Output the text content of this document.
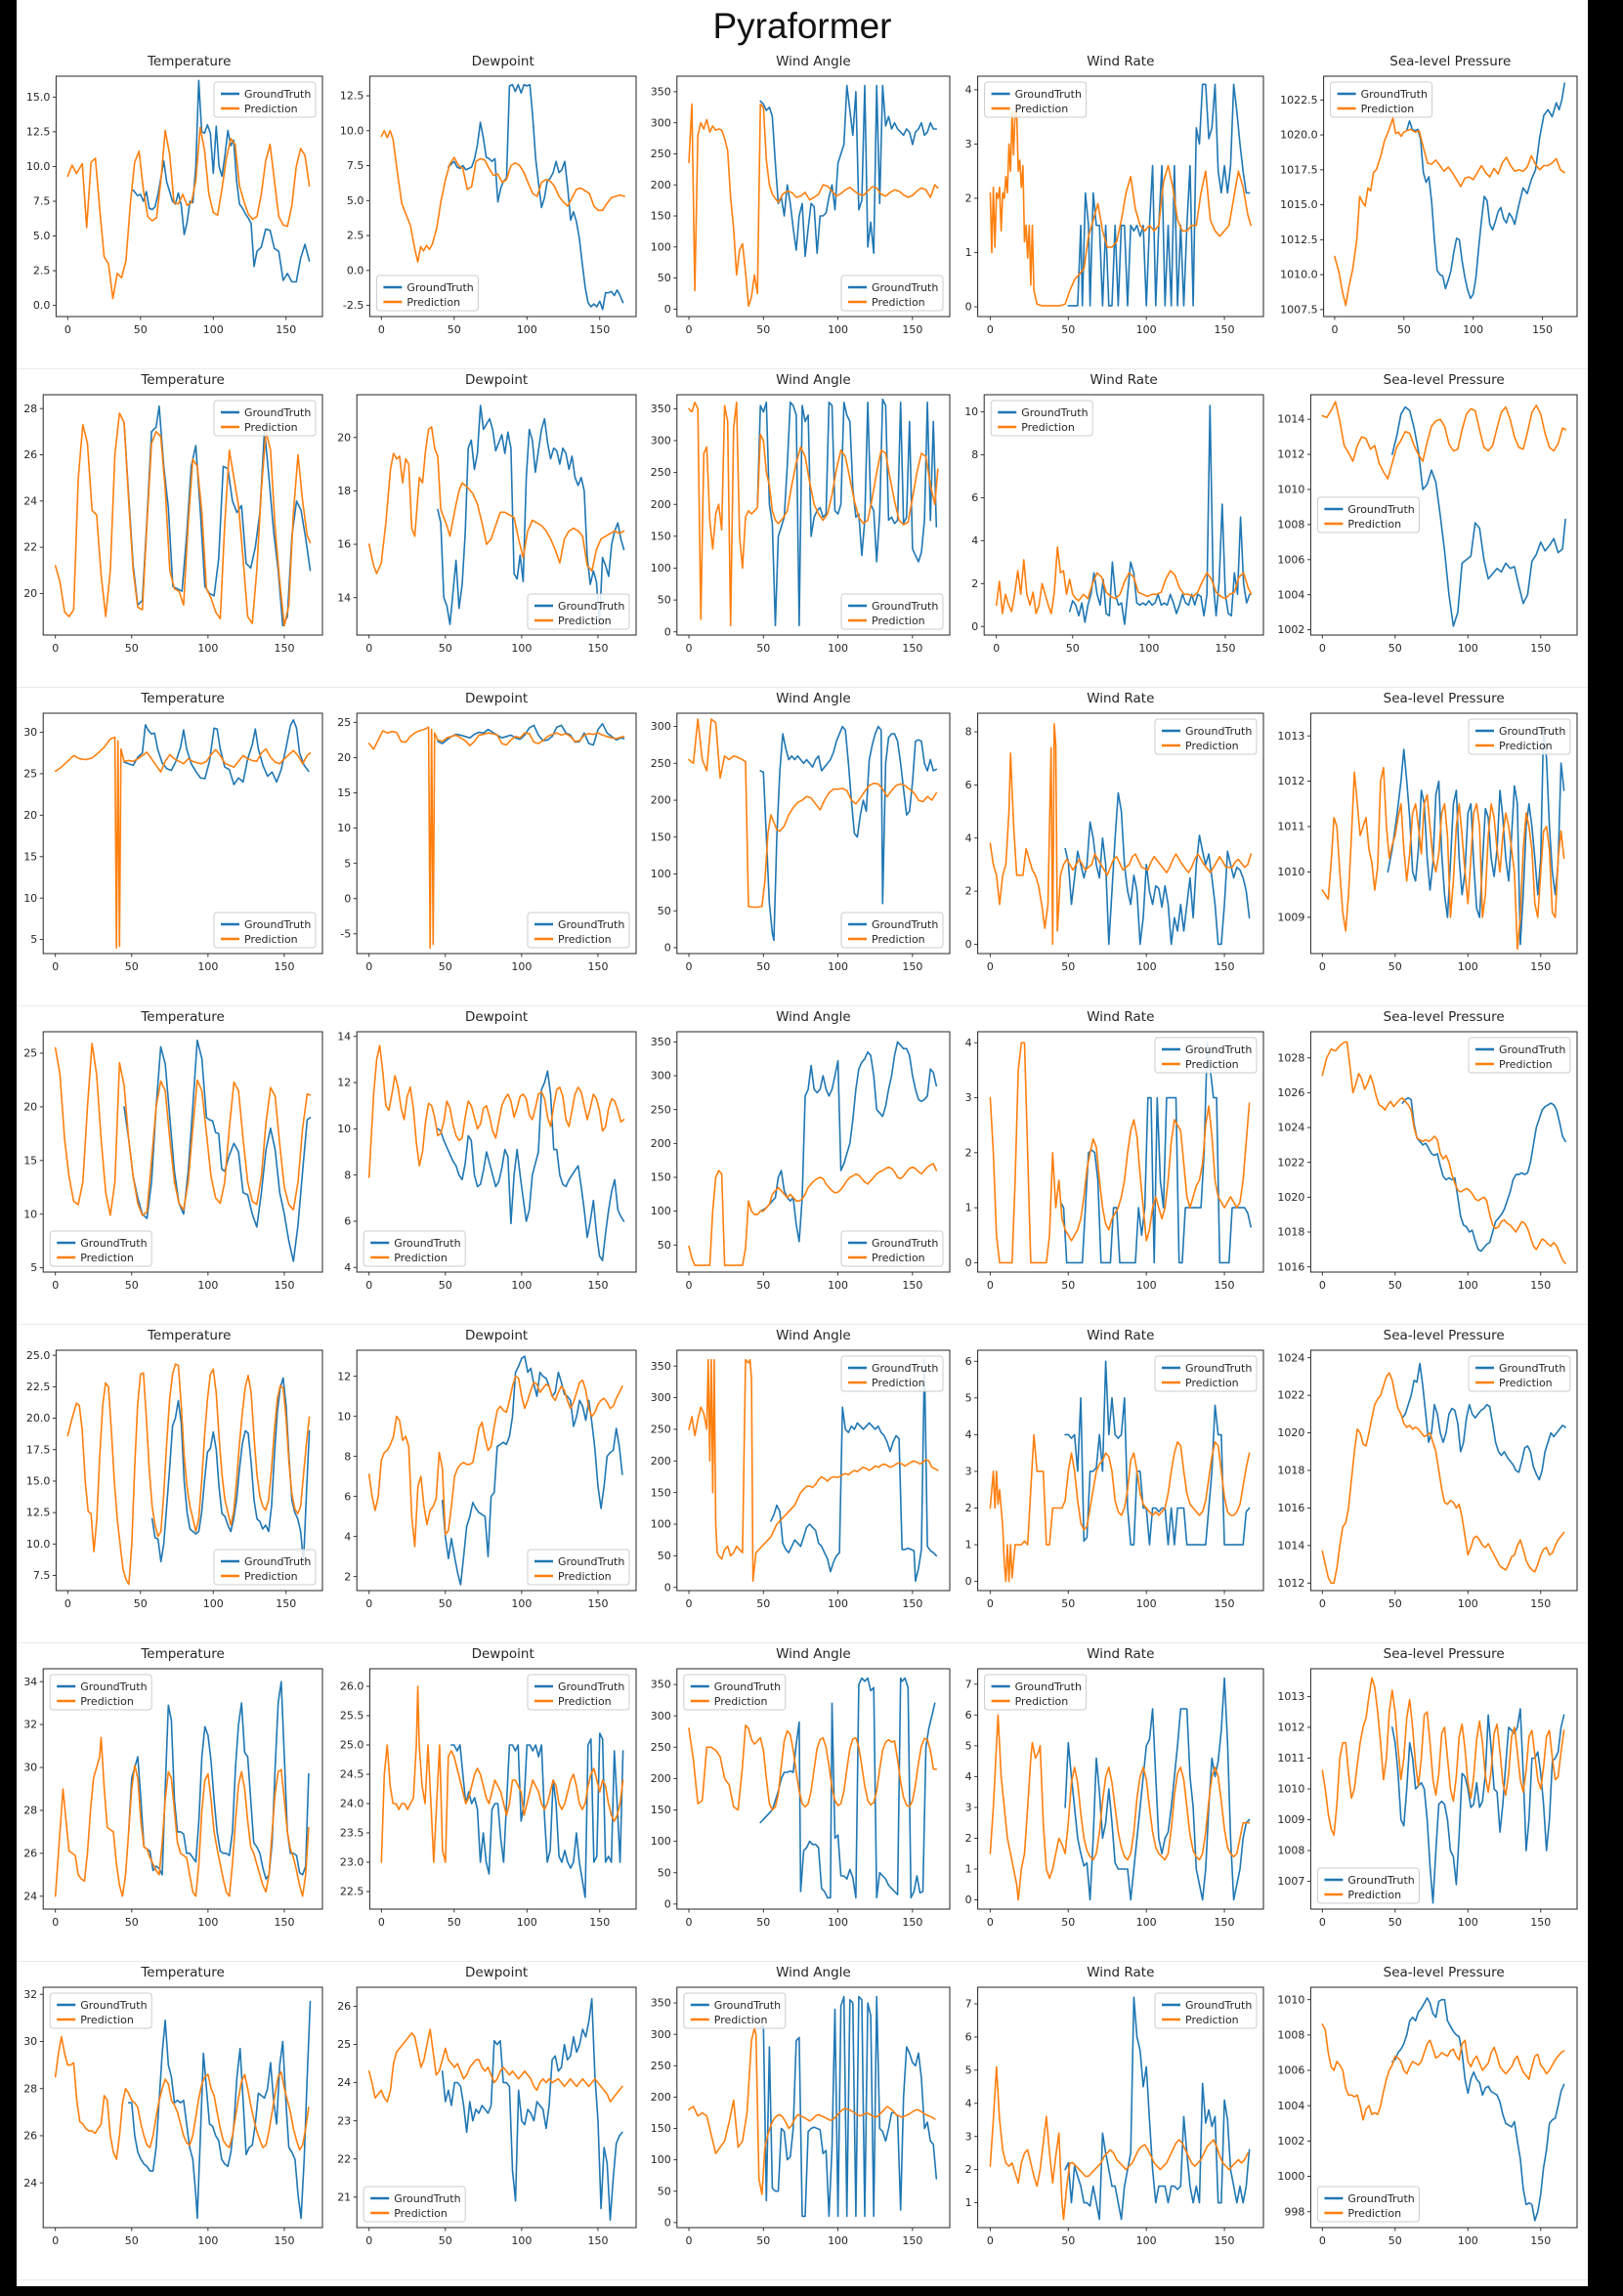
Pyraformer
Temperature
0.0
2.5
5.0
7.5
10.0
12.5
15.0
0	50	100	150
GroundTruth
Prediction
Dewpoint
-2.5
0.0
2.5
5.0
7.5
10.0
12.5
0	50	100	150
GroundTruth
Prediction
Wind Angle
0
50
100
150
200
250
300
350
0	50	100	150
GroundTruth
Prediction
Wind Rate
0
1
2
3
4
0	50	100	150
GroundTruth
Prediction
Sea-level Pressure
1007.5
1010.0
1012.5
1015.0
1017.5
1020.0
1022.5
0	50	100	150
GroundTruth
Prediction
Temperature
20
22
24
26
28
0	50	100	150
GroundTruth
Prediction
Dewpoint
14
16
18
20
0	50	100	150
GroundTruth
Prediction
Wind Angle
0
50
100
150
200
250
300
350
0	50	100	150
GroundTruth
Prediction
Wind Rate
0
2
4
6
8
10
0	50	100	150
GroundTruth
Prediction
Sea-level Pressure
1002
1004
1006
1008
1010
1012
1014
0	50	100	150
GroundTruth
Prediction
Temperature
5
10
15
20
25
30
0	50	100	150
GroundTruth
Prediction
Dewpoint
-5
0
5
10
15
20
25
0	50	100	150
GroundTruth
Prediction
Wind Angle
0
50
100
150
200
250
300
0	50	100	150
GroundTruth
Prediction
Wind Rate
0
2
4
6
8
0	50	100	150
GroundTruth
Prediction
Sea-level Pressure
1009
1010
1011
1012
1013
0	50	100	150
GroundTruth
Prediction
Temperature
5
10
15
20
25
0	50	100	150
GroundTruth
Prediction
Dewpoint
4
6
8
10
12
14
0	50	100	150
GroundTruth
Prediction
Wind Angle
50
100
150
200
250
300
350
0	50	100	150
GroundTruth
Prediction
Wind Rate
0
1
2
3
4
0	50	100	150
GroundTruth
Prediction
Sea-level Pressure
1016
1018
1020
1022
1024
1026
1028
0	50	100	150
GroundTruth
Prediction
Temperature
7.5
10.0
12.5
15.0
17.5
20.0
22.5
25.0
0	50	100	150
GroundTruth
Prediction
Dewpoint
2
4
6
8
10
12
0	50	100	150
GroundTruth
Prediction
Wind Angle
0
50
100
150
200
250
300
350
0	50	100	150
GroundTruth
Prediction
Wind Rate
0
1
2
3
4
5
6
0	50	100	150
GroundTruth
Prediction
Sea-level Pressure
1012
1014
1016
1018
1020
1022
1024
0	50	100	150
GroundTruth
Prediction
Temperature
24
26
28
30
32
34
0	50	100	150
GroundTruth
Prediction
Dewpoint
22.5
23.0
23.5
24.0
24.5
25.0
25.5
26.0
0	50	100	150
GroundTruth
Prediction
Wind Angle
0
50
100
150
200
250
300
350
0	50	100	150
GroundTruth
Prediction
Wind Rate
0
1
2
3
4
5
6
7
0	50	100	150
GroundTruth
Prediction
Sea-level Pressure
1007
1008
1009
1010
1011
1012
1013
0	50	100	150
GroundTruth
Prediction
Temperature
24
26
28
30
32
0	50	100	150
GroundTruth
Prediction
Dewpoint
21
22
23
24
25
26
0	50	100	150
GroundTruth
Prediction
Wind Angle
0
50
100
150
200
250
300
350
0	50	100	150
GroundTruth
Prediction
Wind Rate
1
2
3
4
5
6
7
0	50	100	150
GroundTruth
Prediction
Sea-level Pressure
998
1000
1002
1004
1006
1008
1010
0	50	100	150
GroundTruth
Prediction
